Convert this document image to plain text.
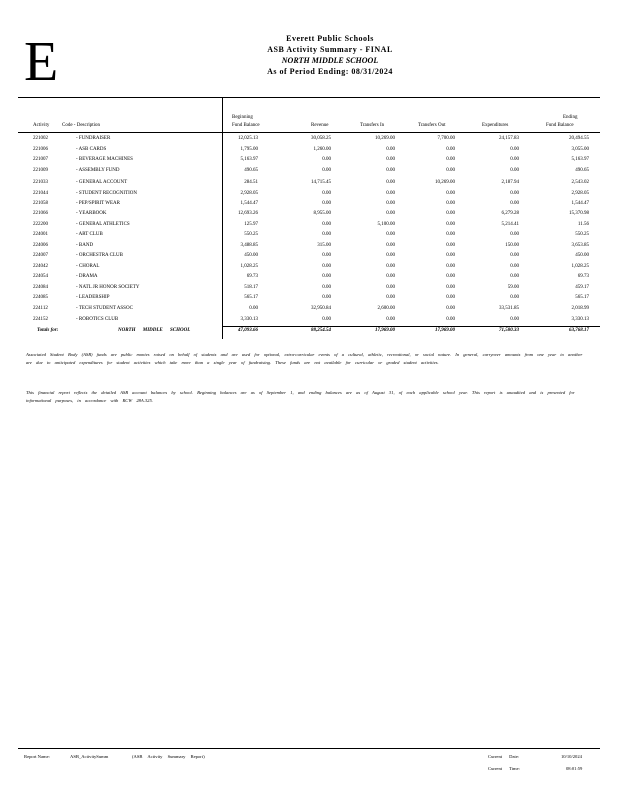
E	Everett Public Schools
ASB Activity Summary - FINAL
NORTH MIDDLE SCHOOL
As of Period Ending: 08/31/2024
Activity	Code - Description
Beginning
Fund Balance	Revenue	Transfers In	Transfers Out	Expenditures
Ending
Fund Balance
221002	- FUNDRAISER	12,025.13	30,058.25	10,269.00	7,700.00	24,157.83	20,494.55
221006	- ASB CARDS	1,795.00	1,260.00	0.00	0.00	0.00	3,055.00
221007	- BEVERAGE MACHINES	5,163.97	0.00	0.00	0.00	0.00	5,163.97
221009	- ASSEMBLY FUND	490.65	0.00	0.00	0.00	0.00	490.65
221033	- GENERAL ACCOUNT	284.51	14,715.45	0.00	10,269.00	2,187.94	2,543.02
221044	- STUDENT RECOGNITION	2,928.05	0.00	0.00	0.00	0.00	2,928.05
221058	- PEP/SPIRIT WEAR	1,544.47	0.00	0.00	0.00	0.00	1,544.47
221066	- YEARBOOK	12,693.26	8,955.00	0.00	0.00	6,279.28	15,370.98
222200	- GENERAL ATHLETICS	125.97	0.00	5,100.00	0.00	5,214.41	11.56
224001	- ART CLUB	550.25	0.00	0.00	0.00	0.00	550.25
224006	- BAND	3,488.85	315.00	0.00	0.00	150.00	3,653.85
224007	- ORCHESTRA CLUB	450.00	0.00	0.00	0.00	0.00	450.00
224042	- CHORAL	1,028.25	0.00	0.00	0.00	0.00	1,028.25
224054	- DRAMA	69.73	0.00	0.00	0.00	0.00	69.73
224084	- NATL JR HONOR SOCIETY	518.17	0.00	0.00	0.00	59.00	459.17
224085	- LEADERSHIP	565.17	0.00	0.00	0.00	0.00	565.17
224112	- TECH STUDENT ASSOC	0.00	32,950.84	2,600.00	0.00	33,531.85	2,018.99
224152	- ROBOTICS CLUB	3,330.13	0.00	0.00	0.00	0.00	3,330.13
Totals for:	NORTH MIDDLE SCHOOL	47,093.66	88,254.54	17,969.00	17,969.00	71,580.33	63,768.17
Associated Student Body (ASB) funds are public monies raised on behalf of students and are used for optional, extra-curricular events of a cultural, athletic, recreational, or social nature. In general, carryover amounts from one year to another are due to anticipated expenditures for student activities which take more than a single year of fundraising. These funds are not available for curricular or graded student activities.
This financial report reflects the detailed ASB account balances by school. Beginning balances are as of September 1, and ending balances are as of August 31, of each applicable school year. This report is unaudited and is presented for informational purposes, in accordance with RCW 28A.325.
Report Name:	ASB_ActivitySumm	(ASB Activity Summary Report)	Current Date:	10/10/2024
Current Time:	08:01:59
